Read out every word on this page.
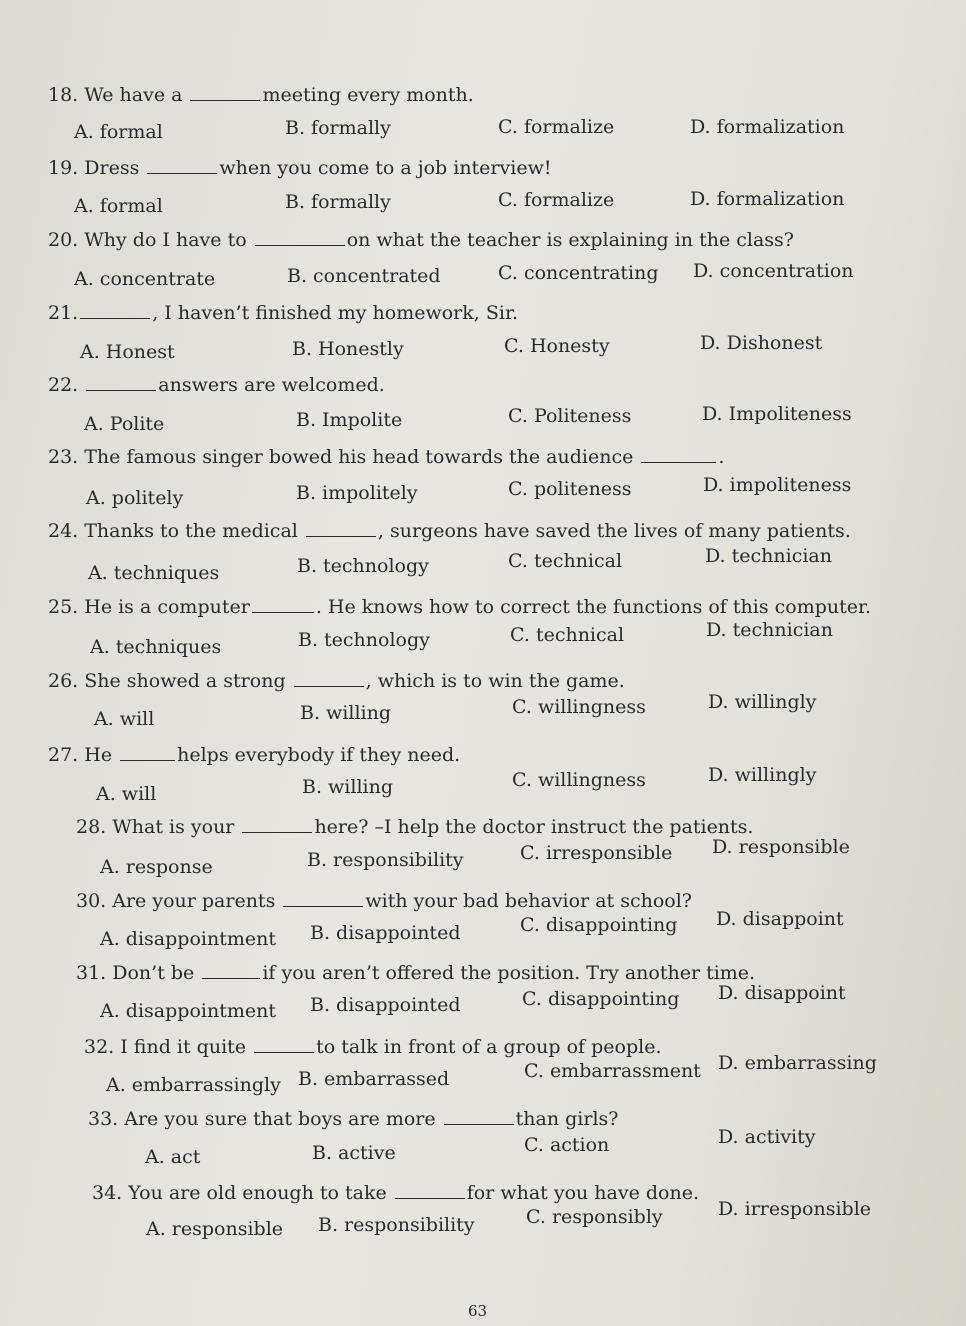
18. We have a	meeting every month.
A. formal	B. formally	C. formalize	D. formalization
19. Dress	when you come to a job interview!
A. formal	B. formally	C. formalize	D. formalization
20. Why do I have to	on what the teacher is explaining in the class?
A. concentrate	B. concentrated	C. concentrating D. concentration
21.	, I haven’t finished my homework, Sir.
A. Honest	B. Honestly	C. Honesty	D. Dishonest
22.	answers are welcomed.
A. Polite	B. Impolite	C. Politeness	D. Impoliteness
23. The famous singer bowed his head towards the audience	.
A. politely	B. impolitely	C. politeness	D. impoliteness
24. Thanks to the medical	, surgeons have saved the lives of many patients.
A. techniques	B. technology	C. technical	D. technician
25. He is a computer	. He knows how to correct the functions of this computer.
A. techniques	B. technology	C. technical	D. technician
26. She showed a strong	, which is to win the game.
A. will	B. willing	C. willingness	D. willingly
27. He	helps everybody if they need.
A. will	B. willing	C. willingness	D. willingly
28. What is your	here? –I help the doctor instruct the patients.
A. response	B. responsibility	C. irresponsible D. responsible
30. Are your parents	with your bad behavior at school?
A. disappointment B. disappointed	C. disappointing D. disappoint
31. Don’t be	if you aren’t offered the position. Try another time.
A. disappointment B. disappointed	C. disappointing D. disappoint
32. I find it quite	to talk in front of a group of people.
A. embarrassingly B. embarrassed	C. embarrassment D. embarrassing
33. Are you sure that boys are more	than girls?
A. act	B. active	C. action	D. activity
34. You are old enough to take	for what you have done.
A. responsible B. responsibility	C. responsibly	D. irresponsible
63
